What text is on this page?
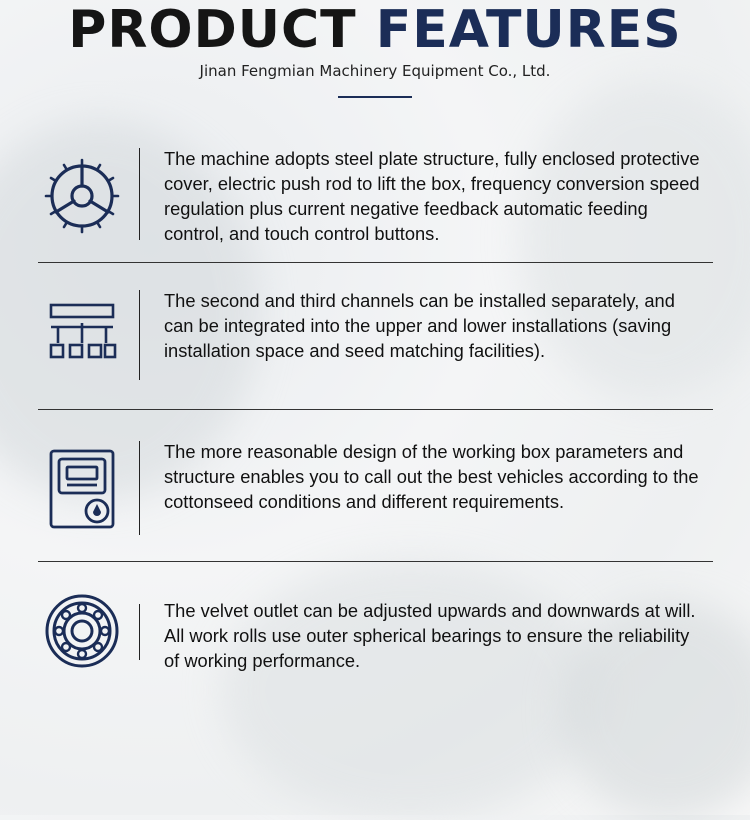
PRODUCT FEATURES
Jinan Fengmian Machinery Equipment Co., Ltd.
The machine adopts steel plate structure, fully enclosed protective cover, electric push rod to lift the box, frequency conversion speed regulation plus current negative feedback automatic feeding control, and touch control buttons.
The second and third channels can be installed separately, and can be integrated into the upper and lower installations (saving installation space and seed matching facilities).
The more reasonable design of the working box parameters and structure enables you to call out the best vehicles according to the cottonseed conditions and different requirements.
The velvet outlet can be adjusted upwards and downwards at will. All work rolls use outer spherical bearings to ensure the reliability of working performance.
